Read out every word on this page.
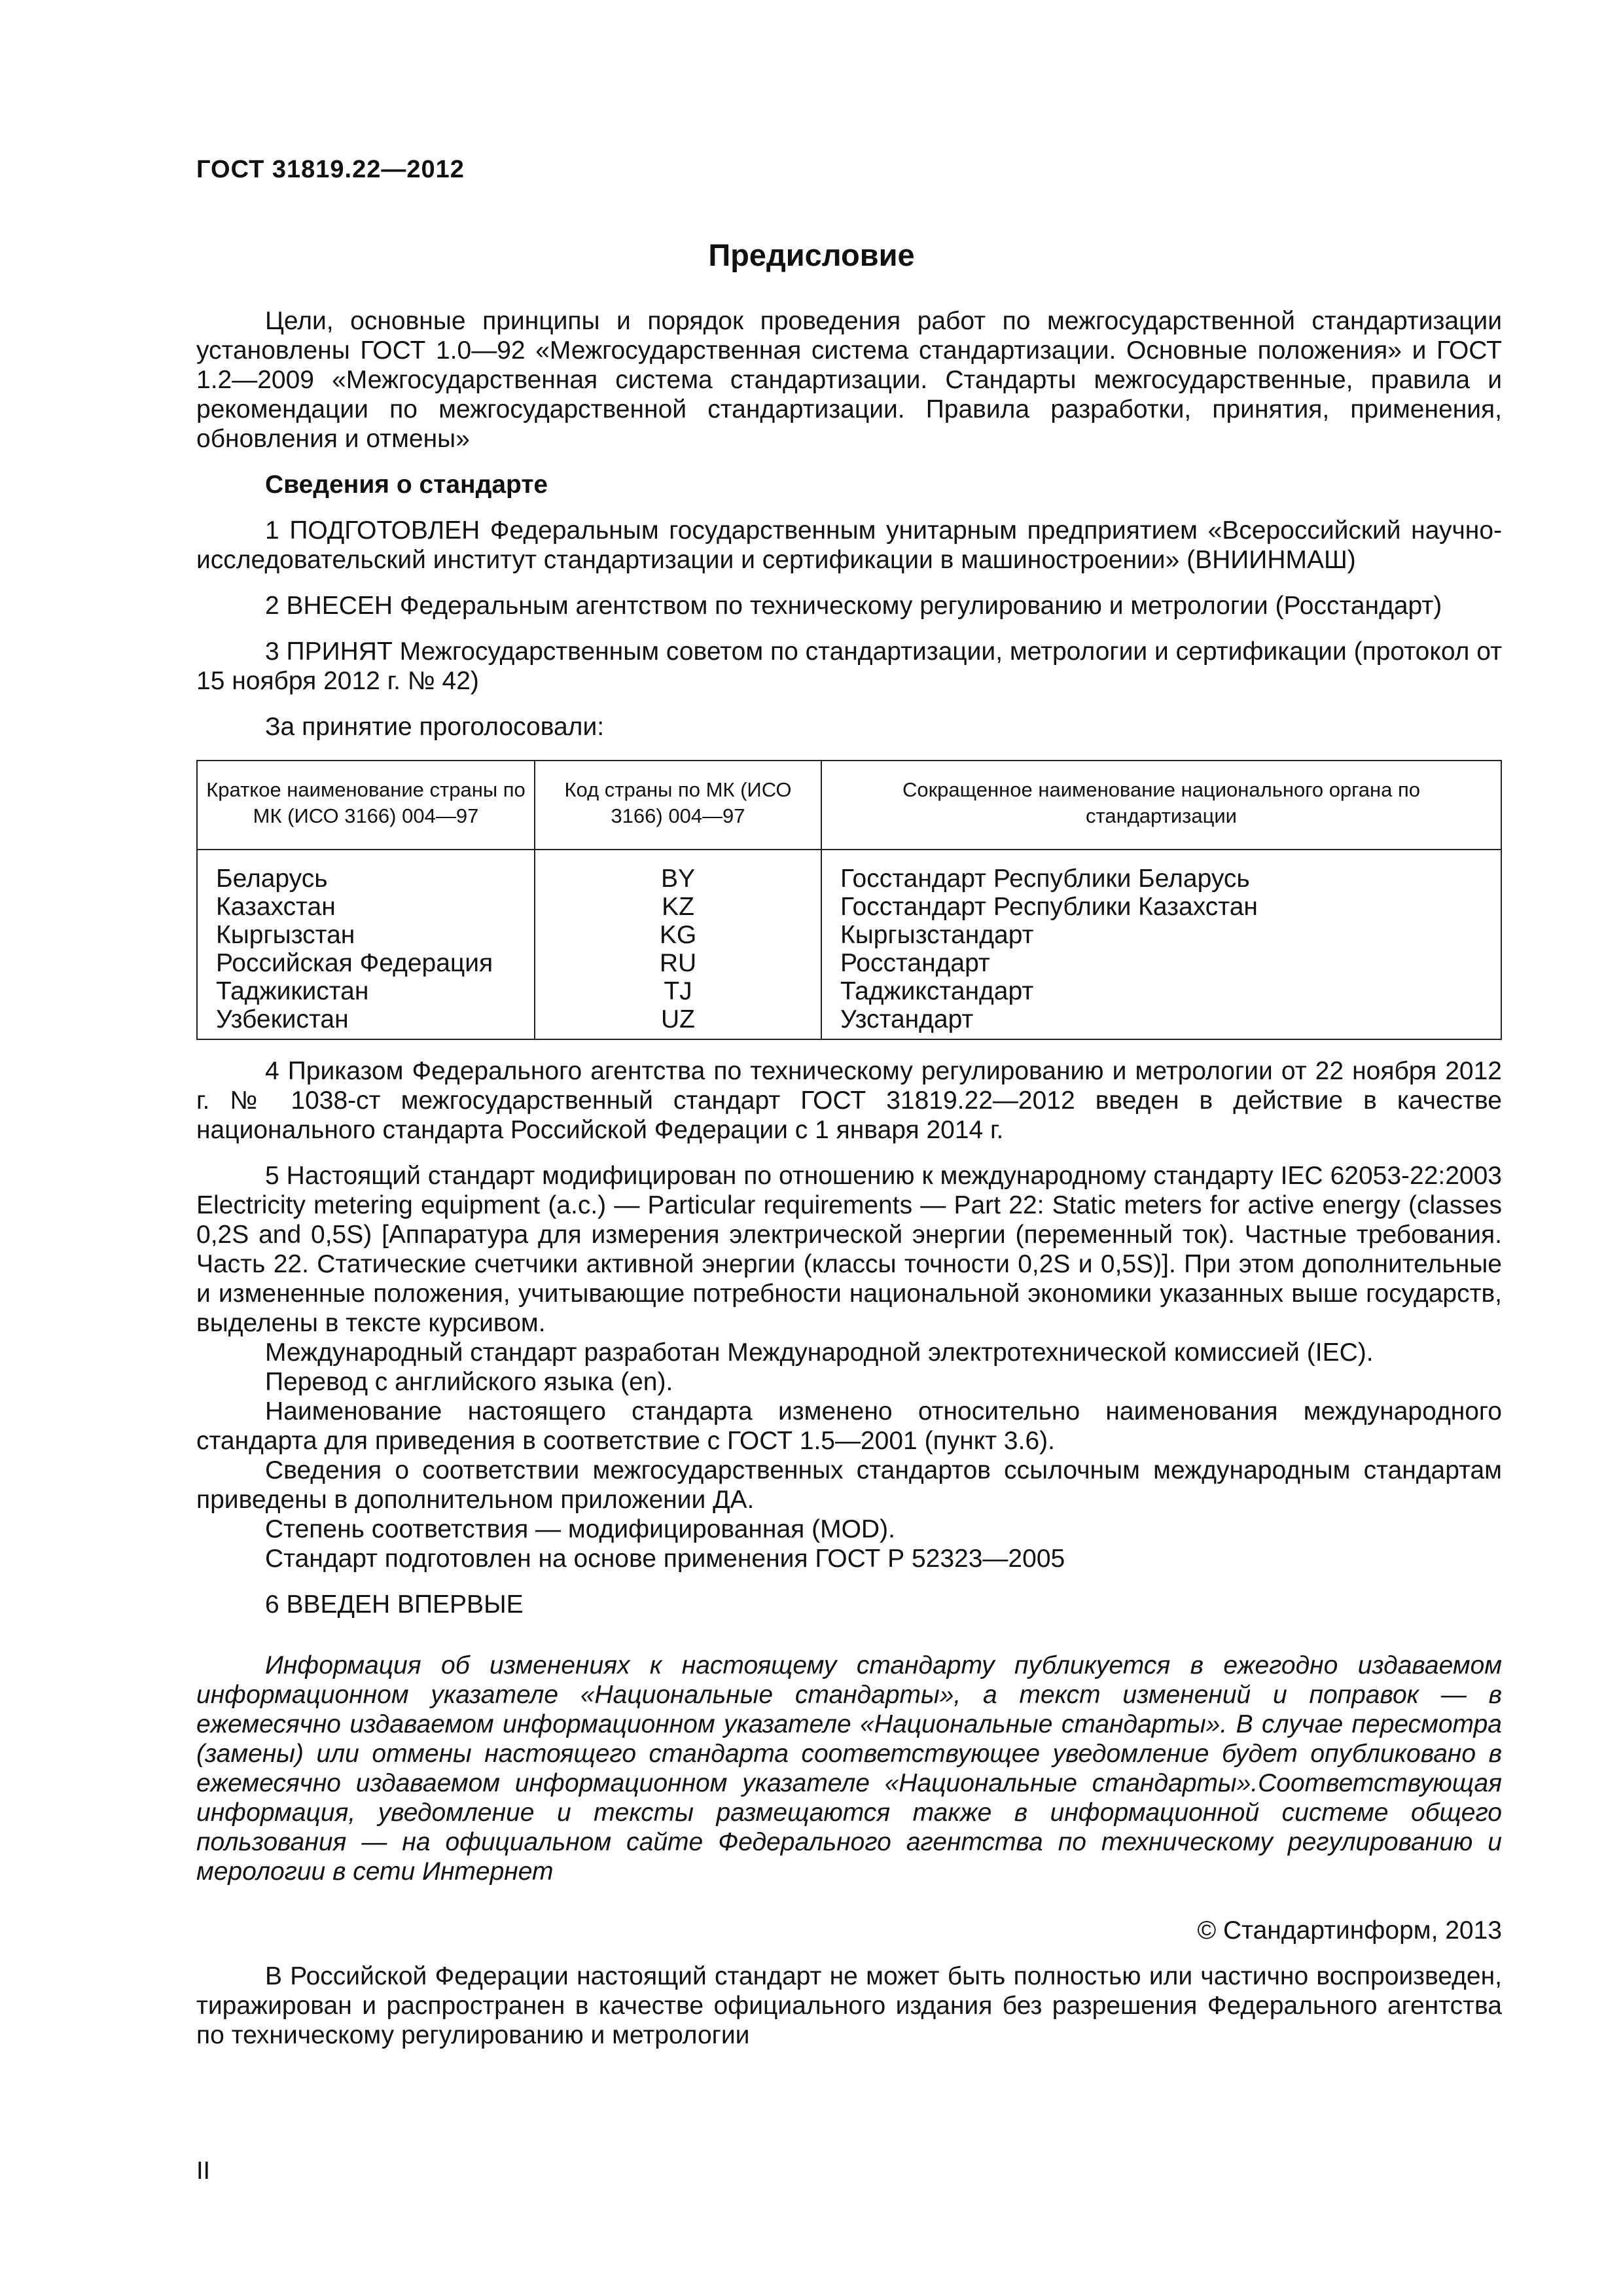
ГОСТ 31819.22—2012
Предисловие

Цели, основные принципы и порядок проведения работ по межгосударственной стандартизации установлены ГОСТ 1.0—92 «Межгосударственная система стандартизации. Основные положения» и ГОСТ 1.2—2009 «Межгосударственная система стандартизации. Стандарты межгосударственные, правила и рекомендации по межгосударственной стандартизации. Правила разработки, принятия, применения, обновления и отмены»

Сведения о стандарте

1 ПОДГОТОВЛЕН Федеральным государственным унитарным предприятием «Всероссийский научно-исследовательский институт стандартизации и сертификации в машиностроении» (ВНИИНМАШ)

2 ВНЕСЕН Федеральным агентством по техническому регулированию и метрологии (Росстандарт)

3 ПРИНЯТ Межгосударственным советом по стандартизации, метрологии и сертификации (протокол от 15 ноября 2012 г. № 42)

За принятие проголосовали:

Краткое наименование страны по МК (ИСО 3166) 004—97	Код страны по МК (ИСО 3166) 004—97	Сокращенное наименование национального органа по стандартизации
Беларусь	BY	Госстандарт Республики Беларусь
Казахстан	KZ	Госстандарт Республики Казахстан
Кыргызстан	KG	Кыргызстандарт
Российская Федерация	RU	Росстандарт
Таджикистан	TJ	Таджикстандарт
Узбекистан	UZ	Узстандарт

4 Приказом Федерального агентства по техническому регулированию и метрологии от 22 ноября 2012 г. № 1038-ст межгосударственный стандарт ГОСТ 31819.22—2012 введен в действие в качестве национального стандарта Российской Федерации с 1 января 2014 г.

5 Настоящий стандарт модифицирован по отношению к международному стандарту IEC 62053-22:2003 Electricity metering equipment (a.c.) — Particular requirements — Part 22: Static meters for active energy (classes 0,2S and 0,5S) [Аппаратура для измерения электрической энергии (переменный ток). Частные требования. Часть 22. Статические счетчики активной энергии (классы точности 0,2S и 0,5S)]. При этом дополнительные и измененные положения, учитывающие потребности национальной экономики указанных выше государств, выделены в тексте курсивом.

Международный стандарт разработан Международной электротехнической комиссией (IEC).

Перевод с английского языка (en).

Наименование настоящего стандарта изменено относительно наименования международного стандарта для приведения в соответствие с ГОСТ 1.5—2001 (пункт 3.6).

Сведения о соответствии межгосударственных стандартов ссылочным международным стандартам приведены в дополнительном приложении ДА.

Степень соответствия — модифицированная (MOD).

Стандарт подготовлен на основе применения ГОСТ Р 52323—2005

6 ВВЕДЕН ВПЕРВЫЕ

Информация об изменениях к настоящему стандарту публикуется в ежегодно издаваемом информационном указателе «Национальные стандарты», а текст изменений и поправок — в ежемесячно издаваемом информационном указателе «Национальные стандарты». В случае пересмотра (замены) или отмены настоящего стандарта соответствующее уведомление будет опубликовано в ежемесячно издаваемом информационном указателе «Национальные стандарты».Соответствующая информация, уведомление и тексты размещаются также в информационной системе общего пользования — на официальном сайте Федерального агентства по техническому регулированию и мерологии в сети Интернет

© Стандартинформ, 2013

В Российской Федерации настоящий стандарт не может быть полностью или частично воспроизведен, тиражирован и распространен в качестве официального издания без разрешения Федерального агентства по техническому регулированию и метрологии

II
